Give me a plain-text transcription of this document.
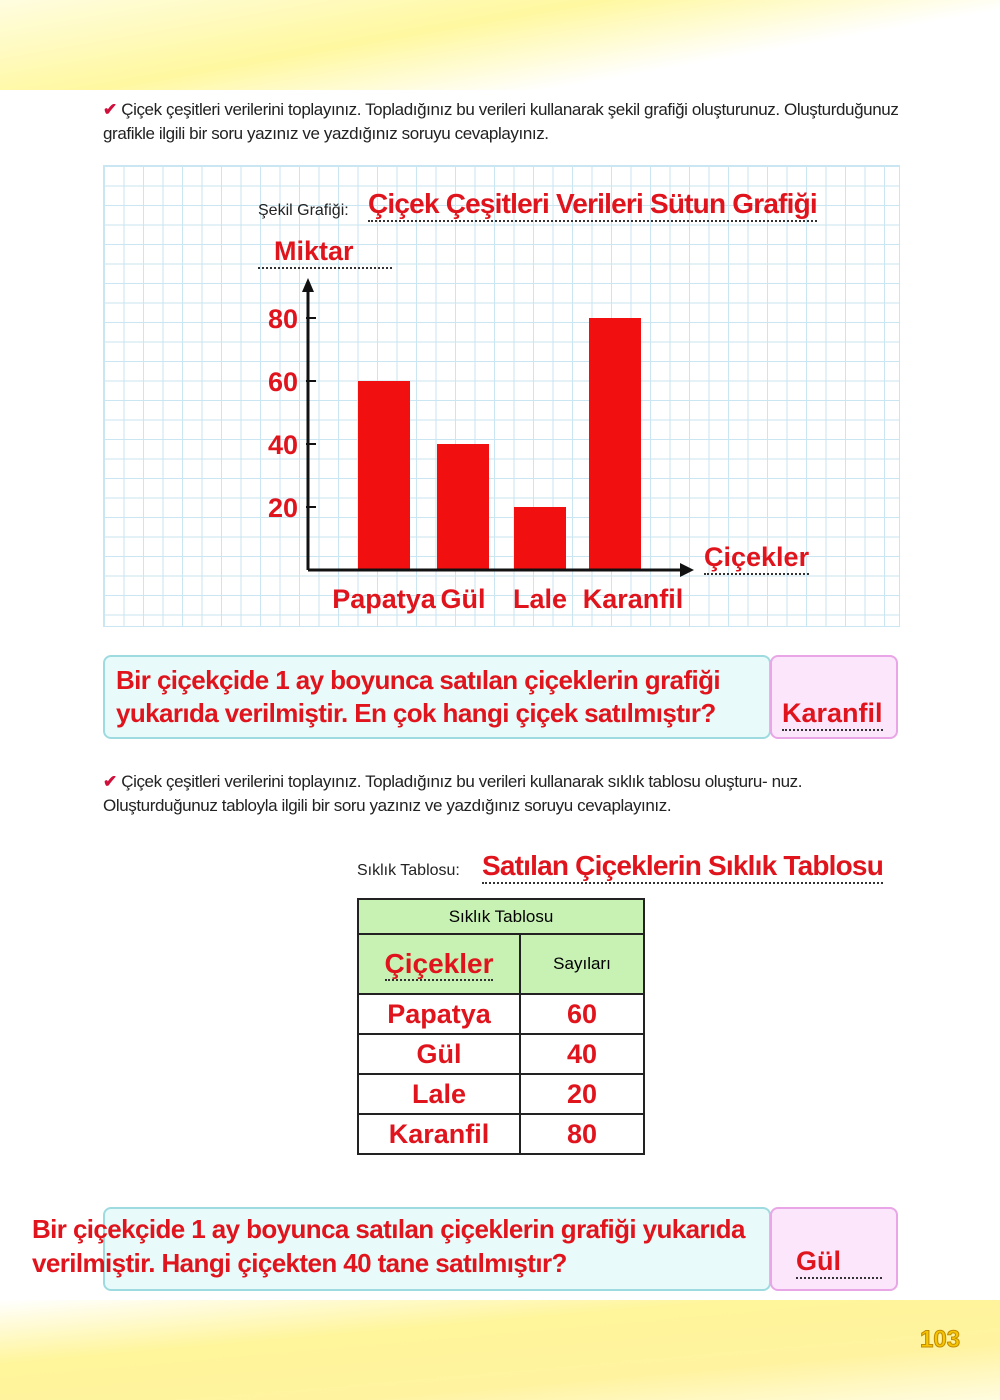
✔ Çiçek çeşitleri verilerini toplayınız. Topladığınız bu verileri kullanarak şekil grafiği oluşturunuz. Oluşturduğunuz grafikle ilgili bir soru yazınız ve yazdığınız soruyu cevaplayınız.
Şekil Grafiği: Çiçek Çeşitleri Verileri Sütun Grafiği
Miktar
Çiçekler
Papatya Gül Lale Karanfil
20
40
60
80
Bir çiçekçide 1 ay boyunca satılan çiçeklerin grafiği yukarıda verilmiştir. En çok hangi çiçek satılmıştır?	Karanfil
✔ Çiçek çeşitleri verilerini toplayınız. Topladığınız bu verileri kullanarak sıklık tablosu oluşturu- nuz. Oluşturduğunuz tabloyla ilgili bir soru yazınız ve yazdığınız soruyu cevaplayınız.
Sıklık Tablosu: Satılan Çiçeklerin Sıklık Tablosu
Sıklık Tablosu	
Çiçekler	Sayıları
Papatya	60
Gül	40
Lale	20
Karanfil	80
Bir çiçekçide 1 ay boyunca satılan çiçeklerin grafiği yukarıda verilmiştir. Hangi çiçekten 40 tane satılmıştır?	Gül
103
